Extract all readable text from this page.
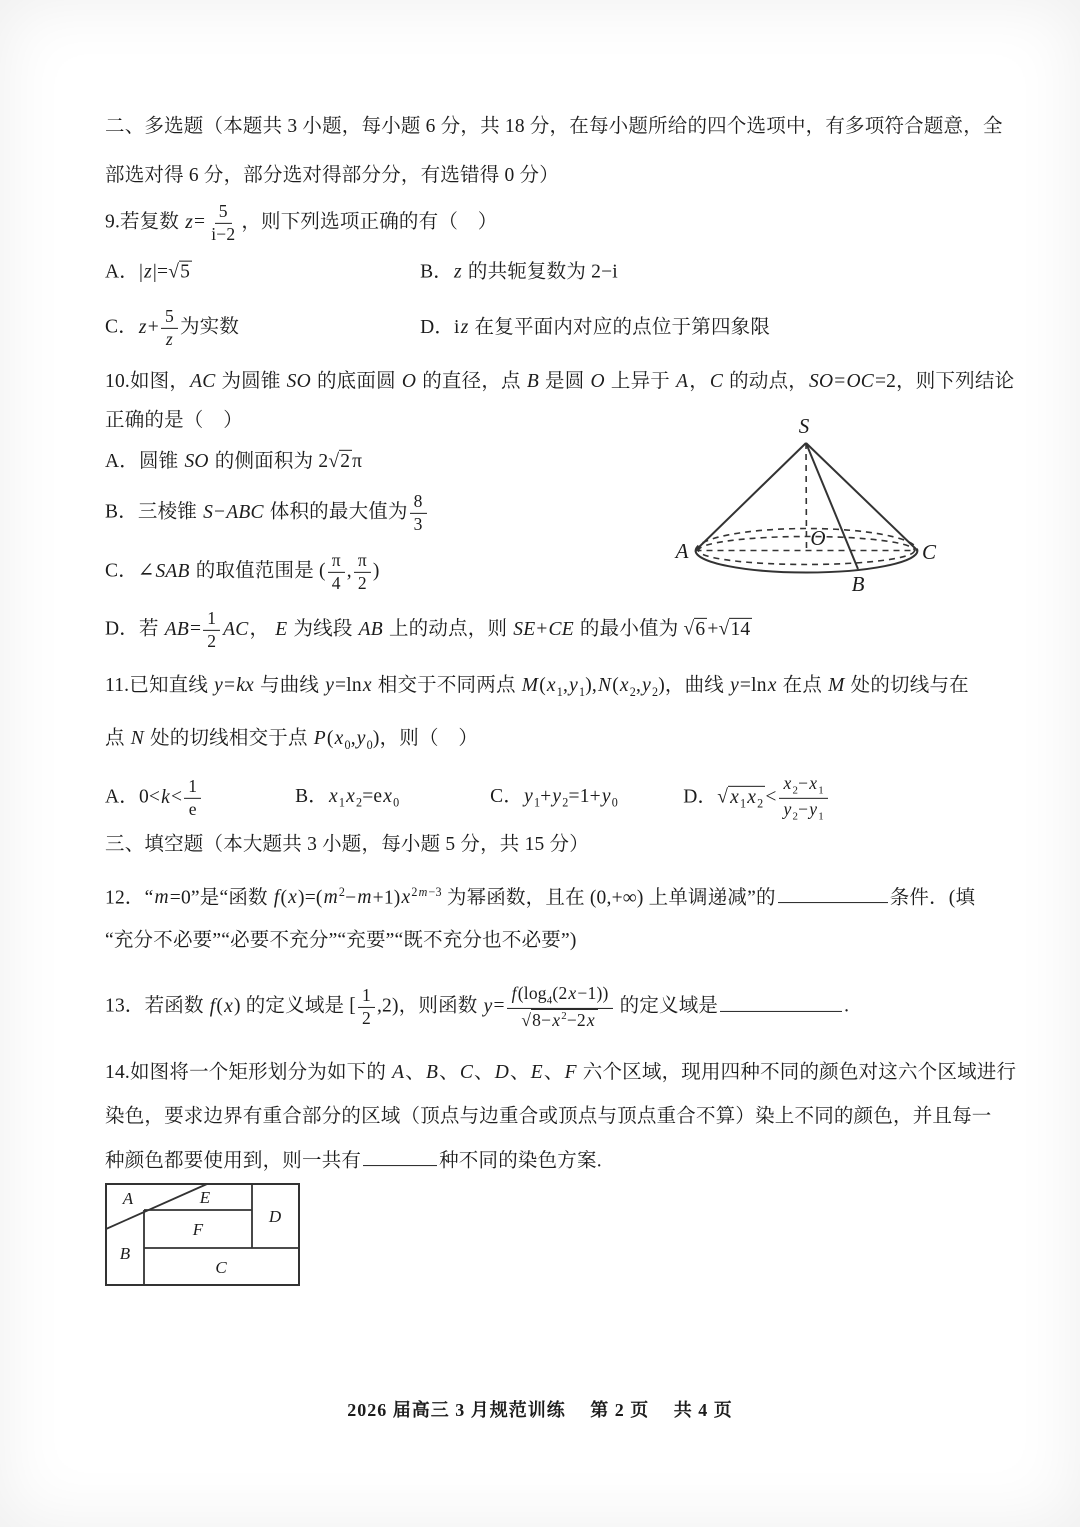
二、多选题（本题共 3 小题，每小题 6 分，共 18 分，在每小题所给的四个选项中，有多项符合题意，全
部选对得 6 分，部分选对得部分分，有选错得 0 分）
9.若复数 $z= \frac{5}{i-2}$ ，则下列选项正确的有（　）
A．|z|=√5	B．z 的共轭复数为 2−i
C．$z+ \frac{5}{z}$ 为实数	D．iz 在复平面内对应的点位于第四象限
10.如图，AC 为圆锥 SO 的底面圆 O 的直径，点 B 是圆 O 上异于 A，C 的动点，SO=OC=2，则下列结论
正确的是（　）
A．圆锥 SO 的侧面积为 2√2 π
B．三棱锥 S−ABC 体积的最大值为 $\frac{8}{3}$
C．∠SAB 的取值范围是 ( $\frac{\pi}{4}$ , $\frac{\pi}{2}$ )
D．若 $AB= \frac{1}{2}$ AC， E 为线段 AB 上的动点，则 SE+CE 的最小值为 √6 +√14
S
A	C
B
O
11.已知直线 y=kx 与曲线 y=lnx 相交于不同两点 $M(x_1,y_1),N(x_2,y_2)$，曲线 y=lnx 在点 M 处的切线与在
点 N 处的切线相交于点 $P(x_0,y_0)$，则（　）
A．$0<k< \frac{1}{e}$	B．$x_1x_2=ex_0$	C．$y_1+y_2=1+y_0$	D．√ $x_1x_2 < \frac{x_2-x_1}{y_2-y_1}$
三、填空题（本大题共 3 小题，每小题 5 分，共 15 分）
12．“m=0”是“函数 $f(x)=(m^2-m+1)x^{2m-3}$ 为幂函数，且在 (0,+∞) 上单调递减”的	条件．(填
“充分不必要”“必要不充分”“充要”“既不充分也不必要”)
13．若函数 f(x) 的定义域是 [ $\frac{1}{2} ,2$)，则函数 $y= \frac{f(\log_4(2x-1))}{√8-x^2-2x}$ 的定义域是	.
14.如图将一个矩形划分为如下的 A、B、C、D、E、F 六个区域，现用四种不同的颜色对这六个区域进行
染色，要求边界有重合部分的区域（顶点与边重合或顶点与顶点重合不算）染上不同的颜色，并且每一
种颜色都要使用到，则一共有	种不同的染色方案.
A	E
D
F
B
C
2026 届高三 3 月规范训练　 第 2 页　 共 4 页
